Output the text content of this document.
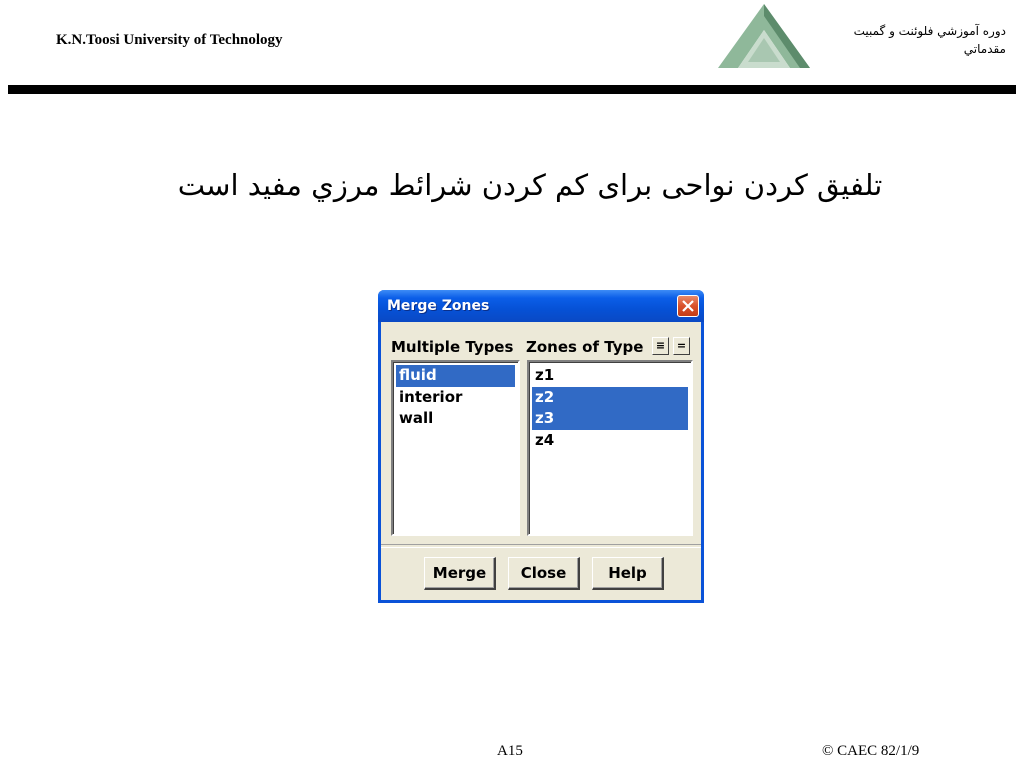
K.N.Toosi University of Technology
دوره آموزشي فلوئنت و گمبيت
مقدماتي
تلفيق كردن نواحی برای كم كردن شرائط مرزي مفيد است
Merge Zones
Multiple Types Zones of Type	≡	=
fluid
interior
wall
z1
z2
z3
z4
Merge	Close	Help
A15	© CAEC 82/1/9
